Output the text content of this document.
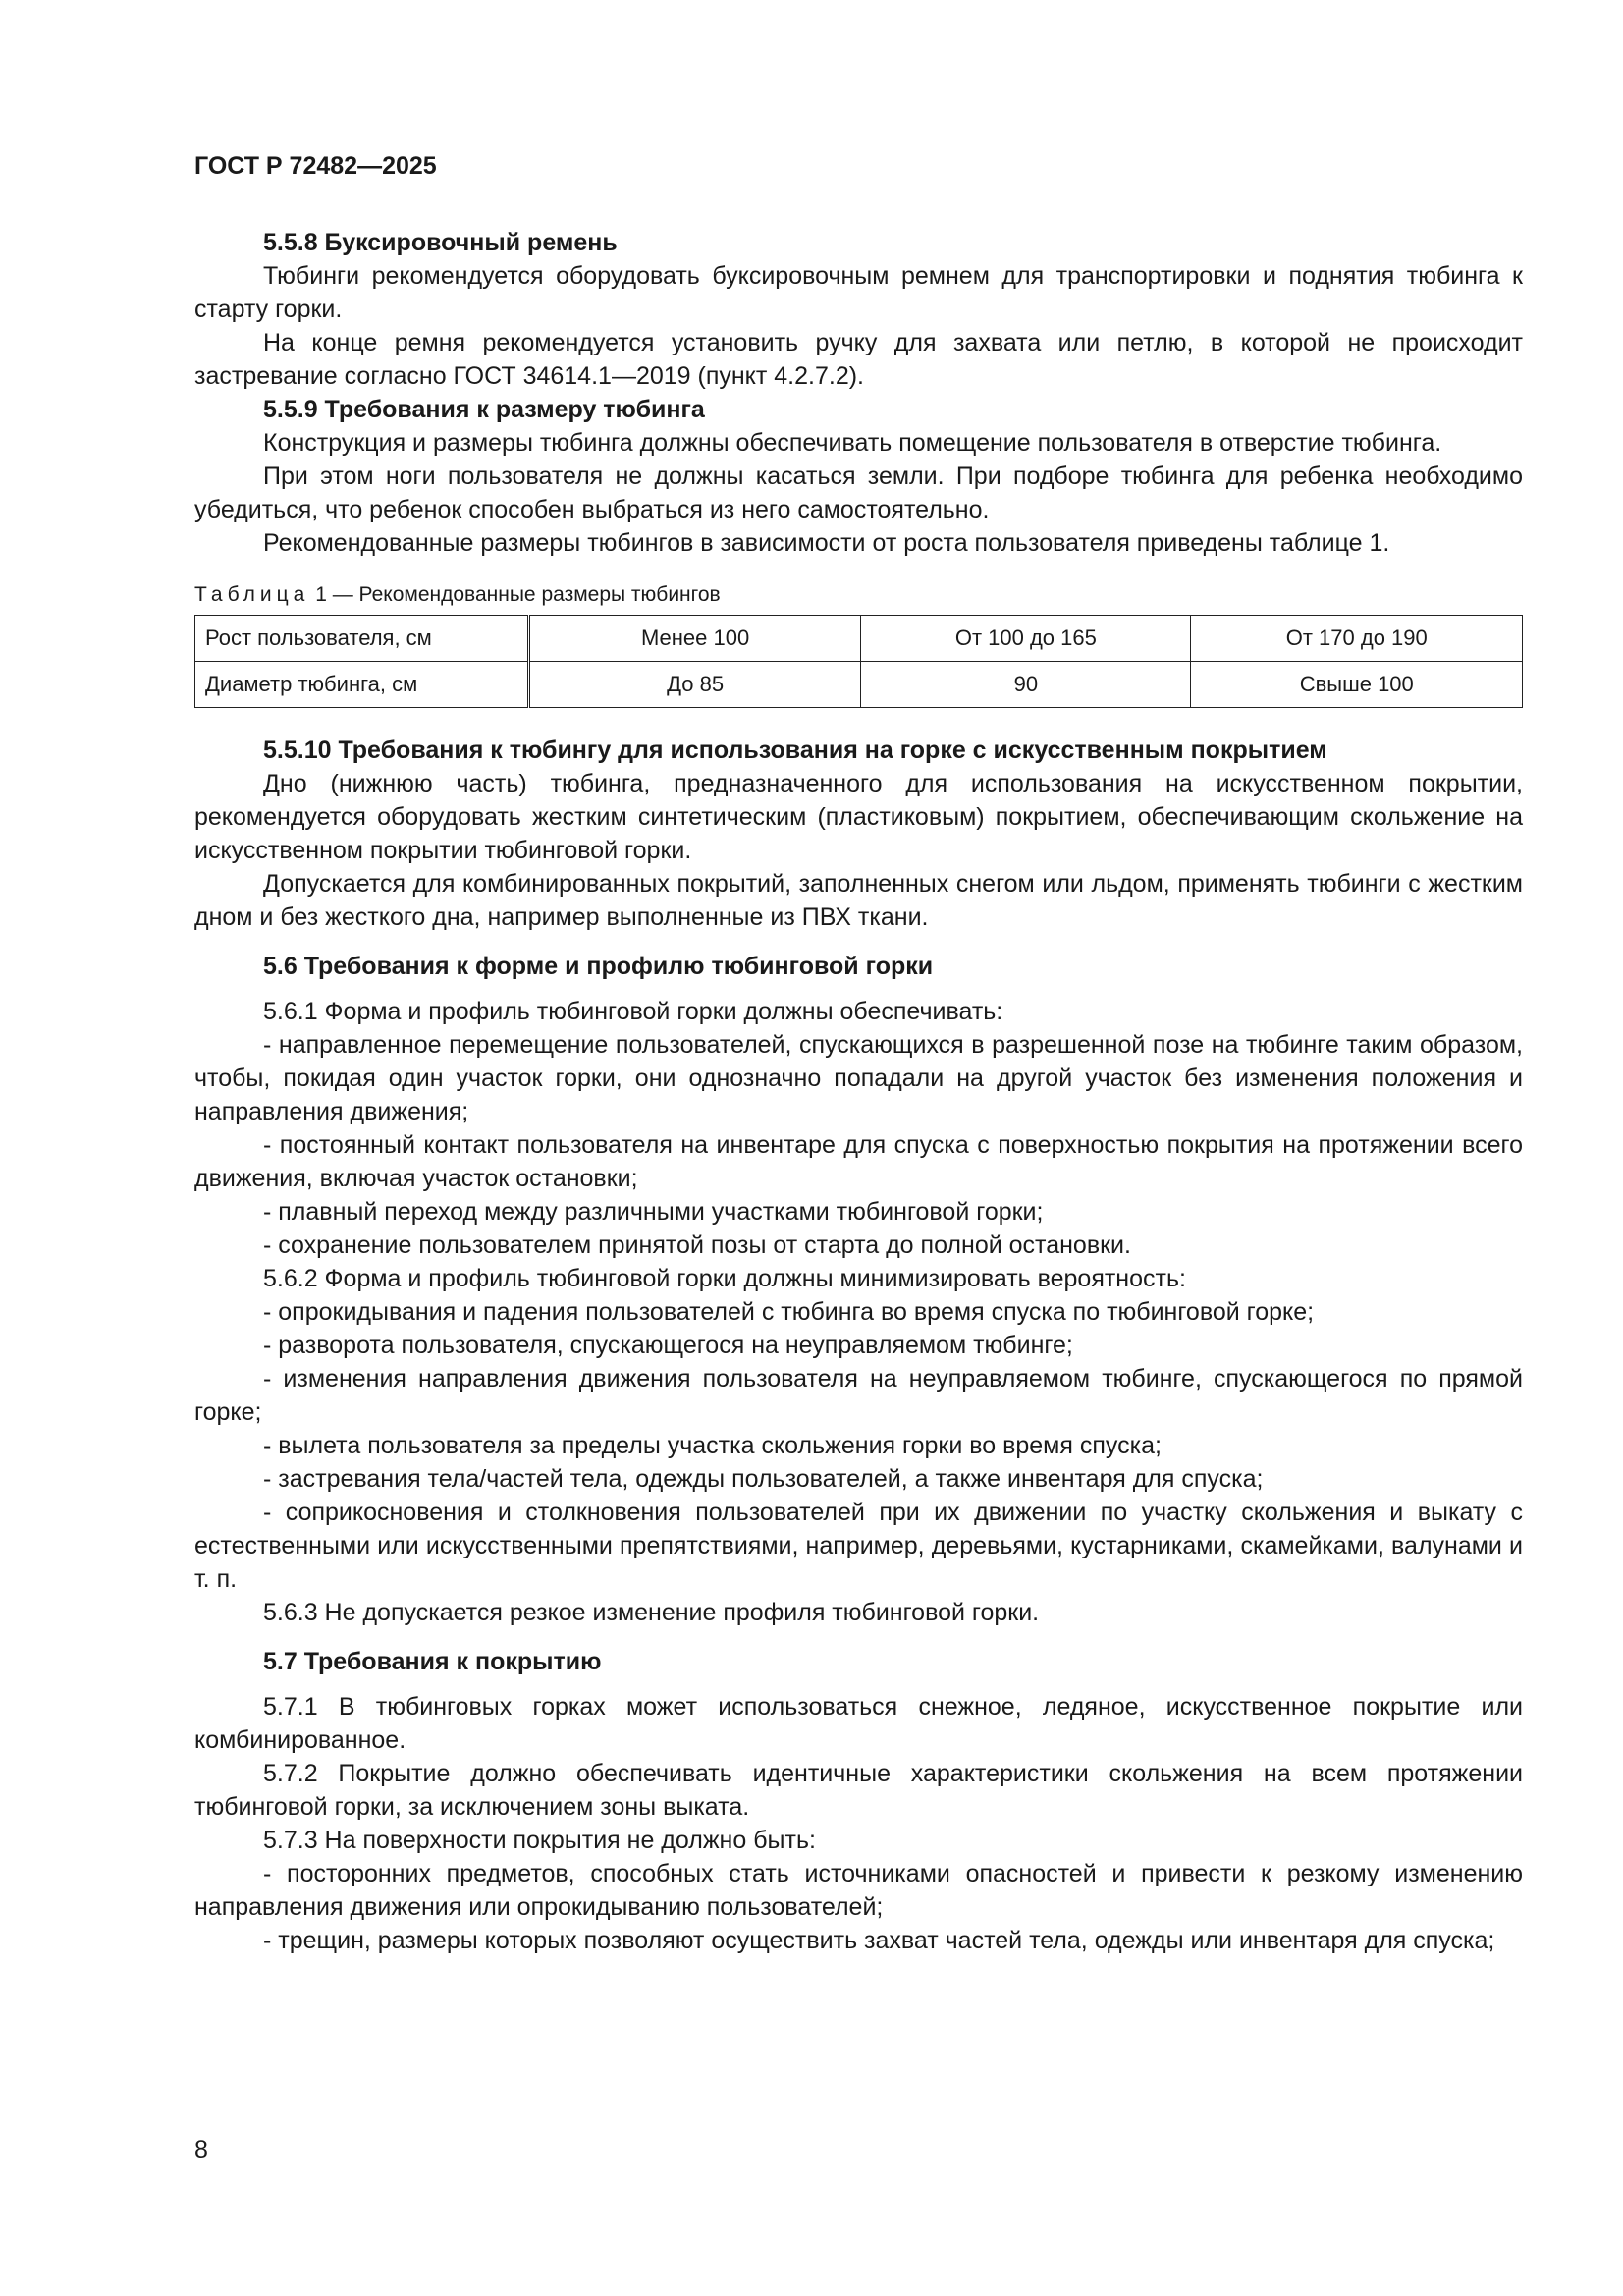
ГОСТ Р 72482—2025

5.5.8 Буксировочный ремень

Тюбинги рекомендуется оборудовать буксировочным ремнем для транспортировки и поднятия тюбинга к старту горки.

На конце ремня рекомендуется установить ручку для захвата или петлю, в которой не происходит застревание согласно ГОСТ 34614.1—2019 (пункт 4.2.7.2).

5.5.9 Требования к размеру тюбинга

Конструкция и размеры тюбинга должны обеспечивать помещение пользователя в отверстие тюбинга.

При этом ноги пользователя не должны касаться земли. При подборе тюбинга для ребенка необходимо убедиться, что ребенок способен выбраться из него самостоятельно.

Рекомендованные размеры тюбингов в зависимости от роста пользователя приведены таблице 1.

Таблица 1 — Рекомендованные размеры тюбингов
Рост пользователя, см	Менее 100	От 100 до 165	От 170 до 190
Диаметр тюбинга, см	До 85	90	Свыше 100

5.5.10 Требования к тюбингу для использования на горке с искусственным покрытием

Дно (нижнюю часть) тюбинга, предназначенного для использования на искусственном покрытии, рекомендуется оборудовать жестким синтетическим (пластиковым) покрытием, обеспечивающим скольжение на искусственном покрытии тюбинговой горки.

Допускается для комбинированных покрытий, заполненных снегом или льдом, применять тюбинги с жестким дном и без жесткого дна, например выполненные из ПВХ ткани.

5.6 Требования к форме и профилю тюбинговой горки

5.6.1 Форма и профиль тюбинговой горки должны обеспечивать:

- направленное перемещение пользователей, спускающихся в разрешенной позе на тюбинге таким образом, чтобы, покидая один участок горки, они однозначно попадали на другой участок без изменения положения и направления движения;

- постоянный контакт пользователя на инвентаре для спуска с поверхностью покрытия на протяжении всего движения, включая участок остановки;

- плавный переход между различными участками тюбинговой горки;

- сохранение пользователем принятой позы от старта до полной остановки.

5.6.2 Форма и профиль тюбинговой горки должны минимизировать вероятность:

- опрокидывания и падения пользователей с тюбинга во время спуска по тюбинговой горке;

- разворота пользователя, спускающегося на неуправляемом тюбинге;

- изменения направления движения пользователя на неуправляемом тюбинге, спускающегося по прямой горке;

- вылета пользователя за пределы участка скольжения горки во время спуска;

- застревания тела/частей тела, одежды пользователей, а также инвентаря для спуска;

- соприкосновения и столкновения пользователей при их движении по участку скольжения и выкату с естественными или искусственными препятствиями, например, деревьями, кустарниками, скамейками, валунами и т. п.

5.6.3 Не допускается резкое изменение профиля тюбинговой горки.

5.7 Требования к покрытию

5.7.1 В тюбинговых горках может использоваться снежное, ледяное, искусственное покрытие или комбинированное.

5.7.2 Покрытие должно обеспечивать идентичные характеристики скольжения на всем протяжении тюбинговой горки, за исключением зоны выката.

5.7.3 На поверхности покрытия не должно быть:

- посторонних предметов, способных стать источниками опасностей и привести к резкому изменению направления движения или опрокидыванию пользователей;

- трещин, размеры которых позволяют осуществить захват частей тела, одежды или инвентаря для спуска;

8
